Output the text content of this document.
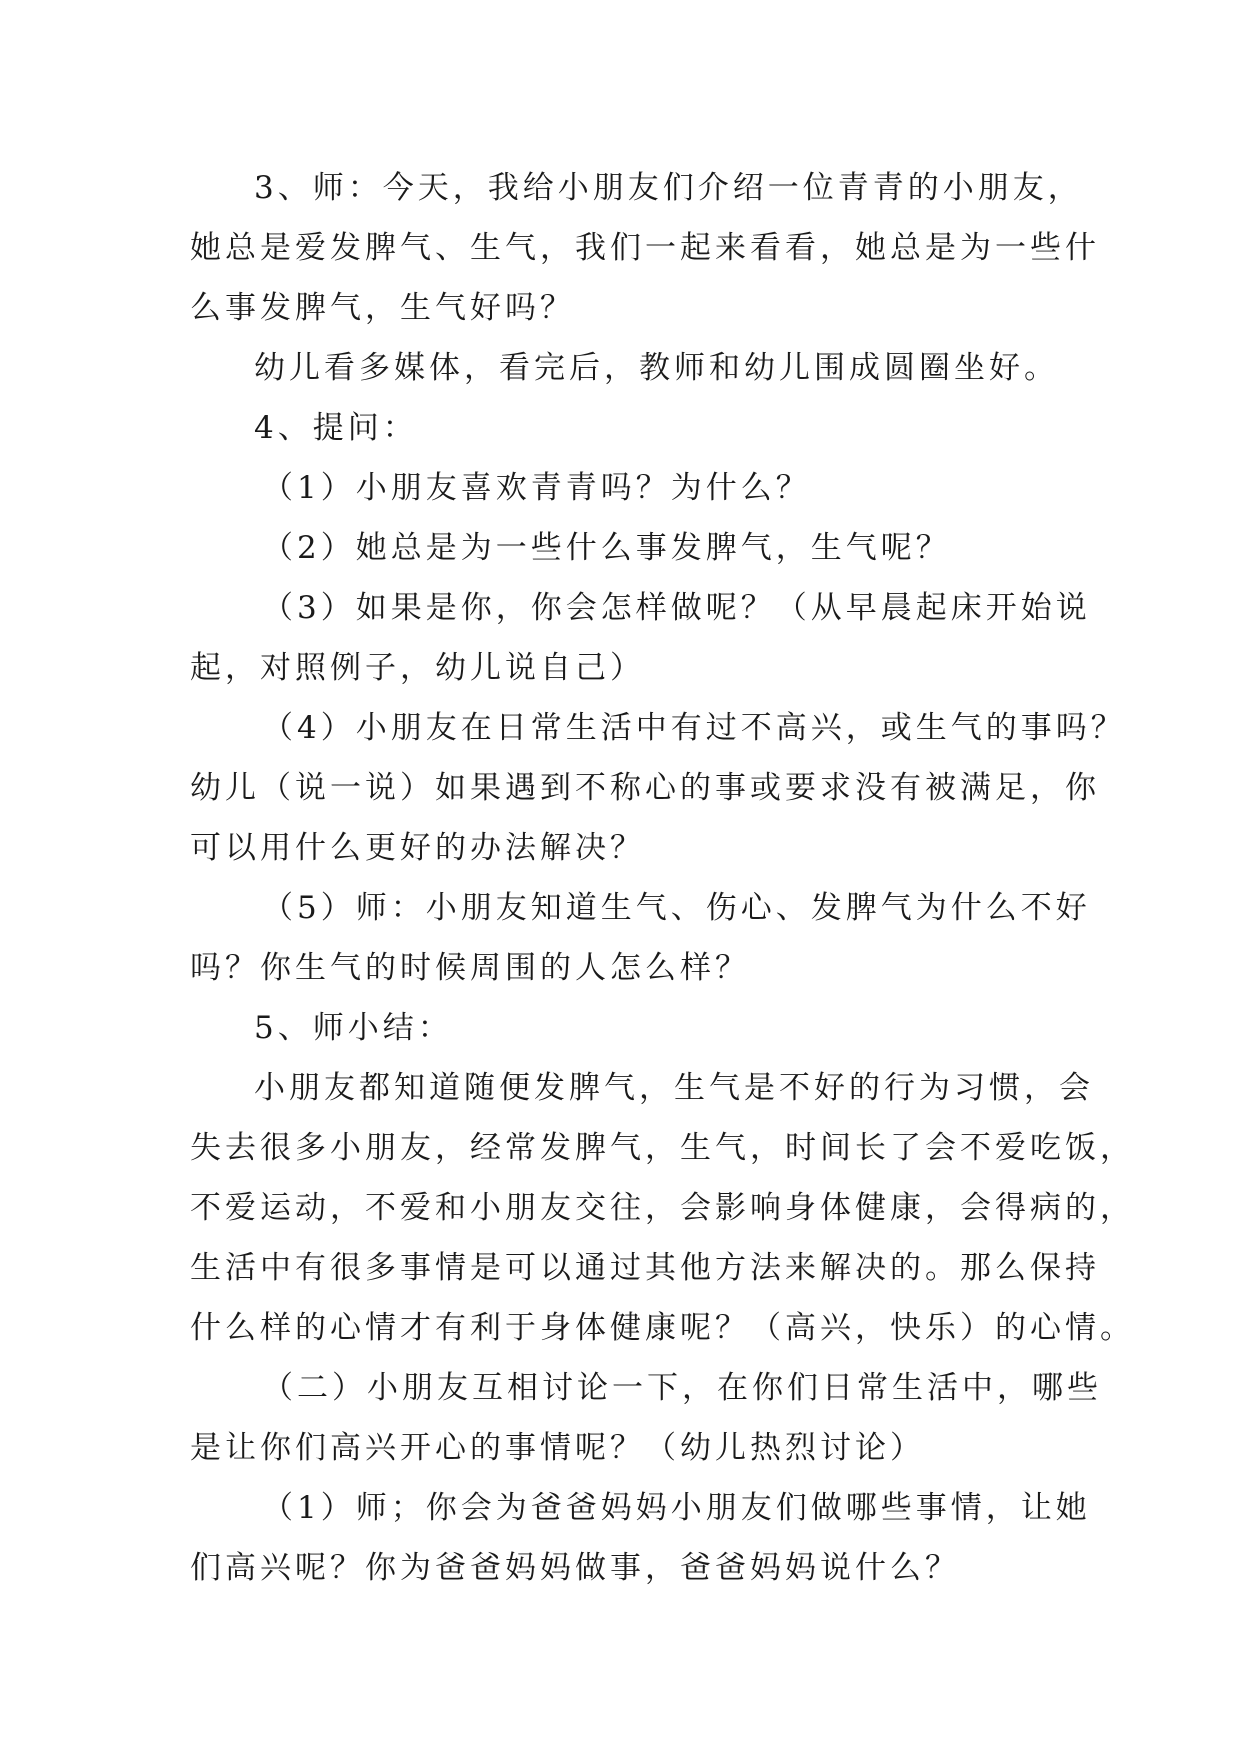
3、师：今天，我给小朋友们介绍一位青青的小朋友，
她总是爱发脾气、生气，我们一起来看看，她总是为一些什
么事发脾气，生气好吗？
幼儿看多媒体，看完后，教师和幼儿围成圆圈坐好。
4、提问：
（1）小朋友喜欢青青吗？为什么？
（2）她总是为一些什么事发脾气，生气呢？
（3）如果是你，你会怎样做呢？（从早晨起床开始说
起，对照例子，幼儿说自己）
（4）小朋友在日常生活中有过不高兴，或生气的事吗？
幼儿（说一说）如果遇到不称心的事或要求没有被满足，你
可以用什么更好的办法解决？
（5）师：小朋友知道生气、伤心、发脾气为什么不好
吗？你生气的时候周围的人怎么样？
5、师小结：
小朋友都知道随便发脾气，生气是不好的行为习惯，会
失去很多小朋友，经常发脾气，生气，时间长了会不爱吃饭，
不爱运动，不爱和小朋友交往，会影响身体健康，会得病的，
生活中有很多事情是可以通过其他方法来解决的。那么保持
什么样的心情才有利于身体健康呢？（高兴，快乐）的心情。
（二）小朋友互相讨论一下，在你们日常生活中，哪些
是让你们高兴开心的事情呢？（幼儿热烈讨论）
（1）师；你会为爸爸妈妈小朋友们做哪些事情，让她
们高兴呢？你为爸爸妈妈做事，爸爸妈妈说什么？
